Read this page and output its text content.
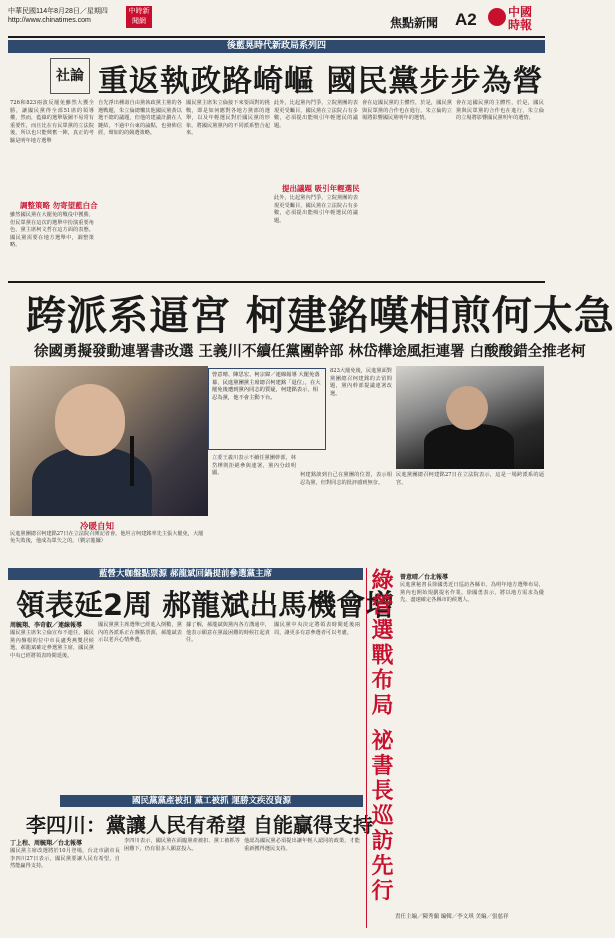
中華民國114年8月28日／星期四
http://www.chinatimes.com
中時新聞網	焦點新聞 A2	中國時報
後藍晃時代新政局系列四
社論 重返執政路崎嶇 國民黨步步為營
726和823兩波反罷免雖然大獲全勝，讓國民黨得全部51席的領導權，然而，藍綠的選舉版圖不易常有重要性，而且比在有民眾黨的立法院後，所以也只能興奮一陣，真正的考驗是明年地方選舉
調整策略 勿寄望藍白合
雖然國民黨在大罷免的戰役中獲勝，但民眾黨在這次的選舉中扮演重要角色，黨主席柯文哲在這方面的表態。國民黨需要在地方選舉中，調整策略。
自先淨出種壽自由黨執政黨主黨的各選戰題，朱立倫總懶其他國民黨黃以選不總的議題，但他的建議計劃在人鏈結，不過中台東的論點，也發佈信經，聲如的的競選策略。
國民黨主席朱立倫接下來要面對的挑戰，即是如何應對各地方黨部的選舉，以及年輕選民對於國民黨的形象。將國民黨黨內的不同派系整合起來。
此外，比起黨內鬥爭，立院黨團的表現更受矚目，國民黨在立法院占有多數，必須提出能吸引年輕選民的議題。
提出議題 吸引年輕選民
此外，比起黨內鬥爭，立院黨團的表現更受矚目，國民黨在立法院占有多數，必須提出能吸引年輕選民的議題。
會在這國民黨的主體性，於是，國民黨與民眾黨的合作也在進行，朱立倫的立場將影響國民黨明年的選情。
會在這國民黨的主體性，於是，國民黨與民眾黨的合作也在進行，朱立倫的立場將影響國民黨明年的選情。
跨派系逼宮 柯建銘嘆相煎何太急
徐國勇擬發動連署書改選 王義川不續任黨團幹部 林岱樺途風拒連署 白酸酸錯全推老柯
冷暖自知
民進黨團總召柯建銘27日在立法院召開記者會。他坦言柯建銘率先主張大罷免，大罷免失敗後，他成為眾矢之的。（劉宗龍攝）
曾意晴、陳思宏、柯宗緯／連線報導 大罷免落幕，民進黨團黨主席總召柯建銘「退位」，在大罷免後遭到黨內同志的質疑，柯建銘表示，相忍為黨，他不會主動下台。
823大罷免後，民進黨面對黨團總召柯建銘的去留問題，黨內幹部提議連署改選。
立委王義川表示不續任黨團幹部，林岱樺則拒絕參與連署，黨內分歧明顯。	柯建銘談到自己在黨團的位置，表示相忍為黨，但對同志的批評感到無奈。
民進黨團總召柯建銘27日在立法院表示，這是一場跨派系的逼宮。
藍營大咖盤點票源 郝龍斌回鍋提前參選黨主席
領表延2周 郝龍斌出馬機會增
周毓翔、李奇叡／連線報導
國民黨主席朱立倫宣布不連任，國民黨內盤根的位中市長盧秀燕雙居候選，郝龍斌確定參選黨主席，國民黨中央已經將領表時間延後。
國民黨黨主席選舉已經進入倒數，黨內的各派系正在盤點票源，郝龍斌表示以老兵心情參選。
據了解，郝龍斌與黨內各方溝通中，他表示願意在黨最困難的時候扛起責任。
國民黨中央決定將領表時間延後兩周，讓更多有意參選者可以考慮。
國民黨黨產被扣 黨工被抓 運勝文疾沒資源
李四川：黨讓人民有希望 自能贏得支持
丁上程、周毓翔／台北報導
國民黨主席改選將於10月登場，台北市副市長李四川27日表示，國民黨要讓人民有希望，自然能贏得支持。
李四川表示，國民黨在面臨黨產被扣、黨工被抓等困難下，仍有很多人願意投入。
他認為國民黨必須提出讓年輕人認同的政策，才能重新獲得選民支持。	綠營選戰布局 祕書長巡訪先行 曾意晴／台北報導
民進黨秘書長徐國勇近日巡訪各縣市，為明年地方選舉布局，黨內也開始規劃提名作業。徐國勇表示，將以地方需求為優先，盡速確定各縣市的候選人。
責任主編／陳秀蘭 編輯／李文琪 美編／張慈祥
